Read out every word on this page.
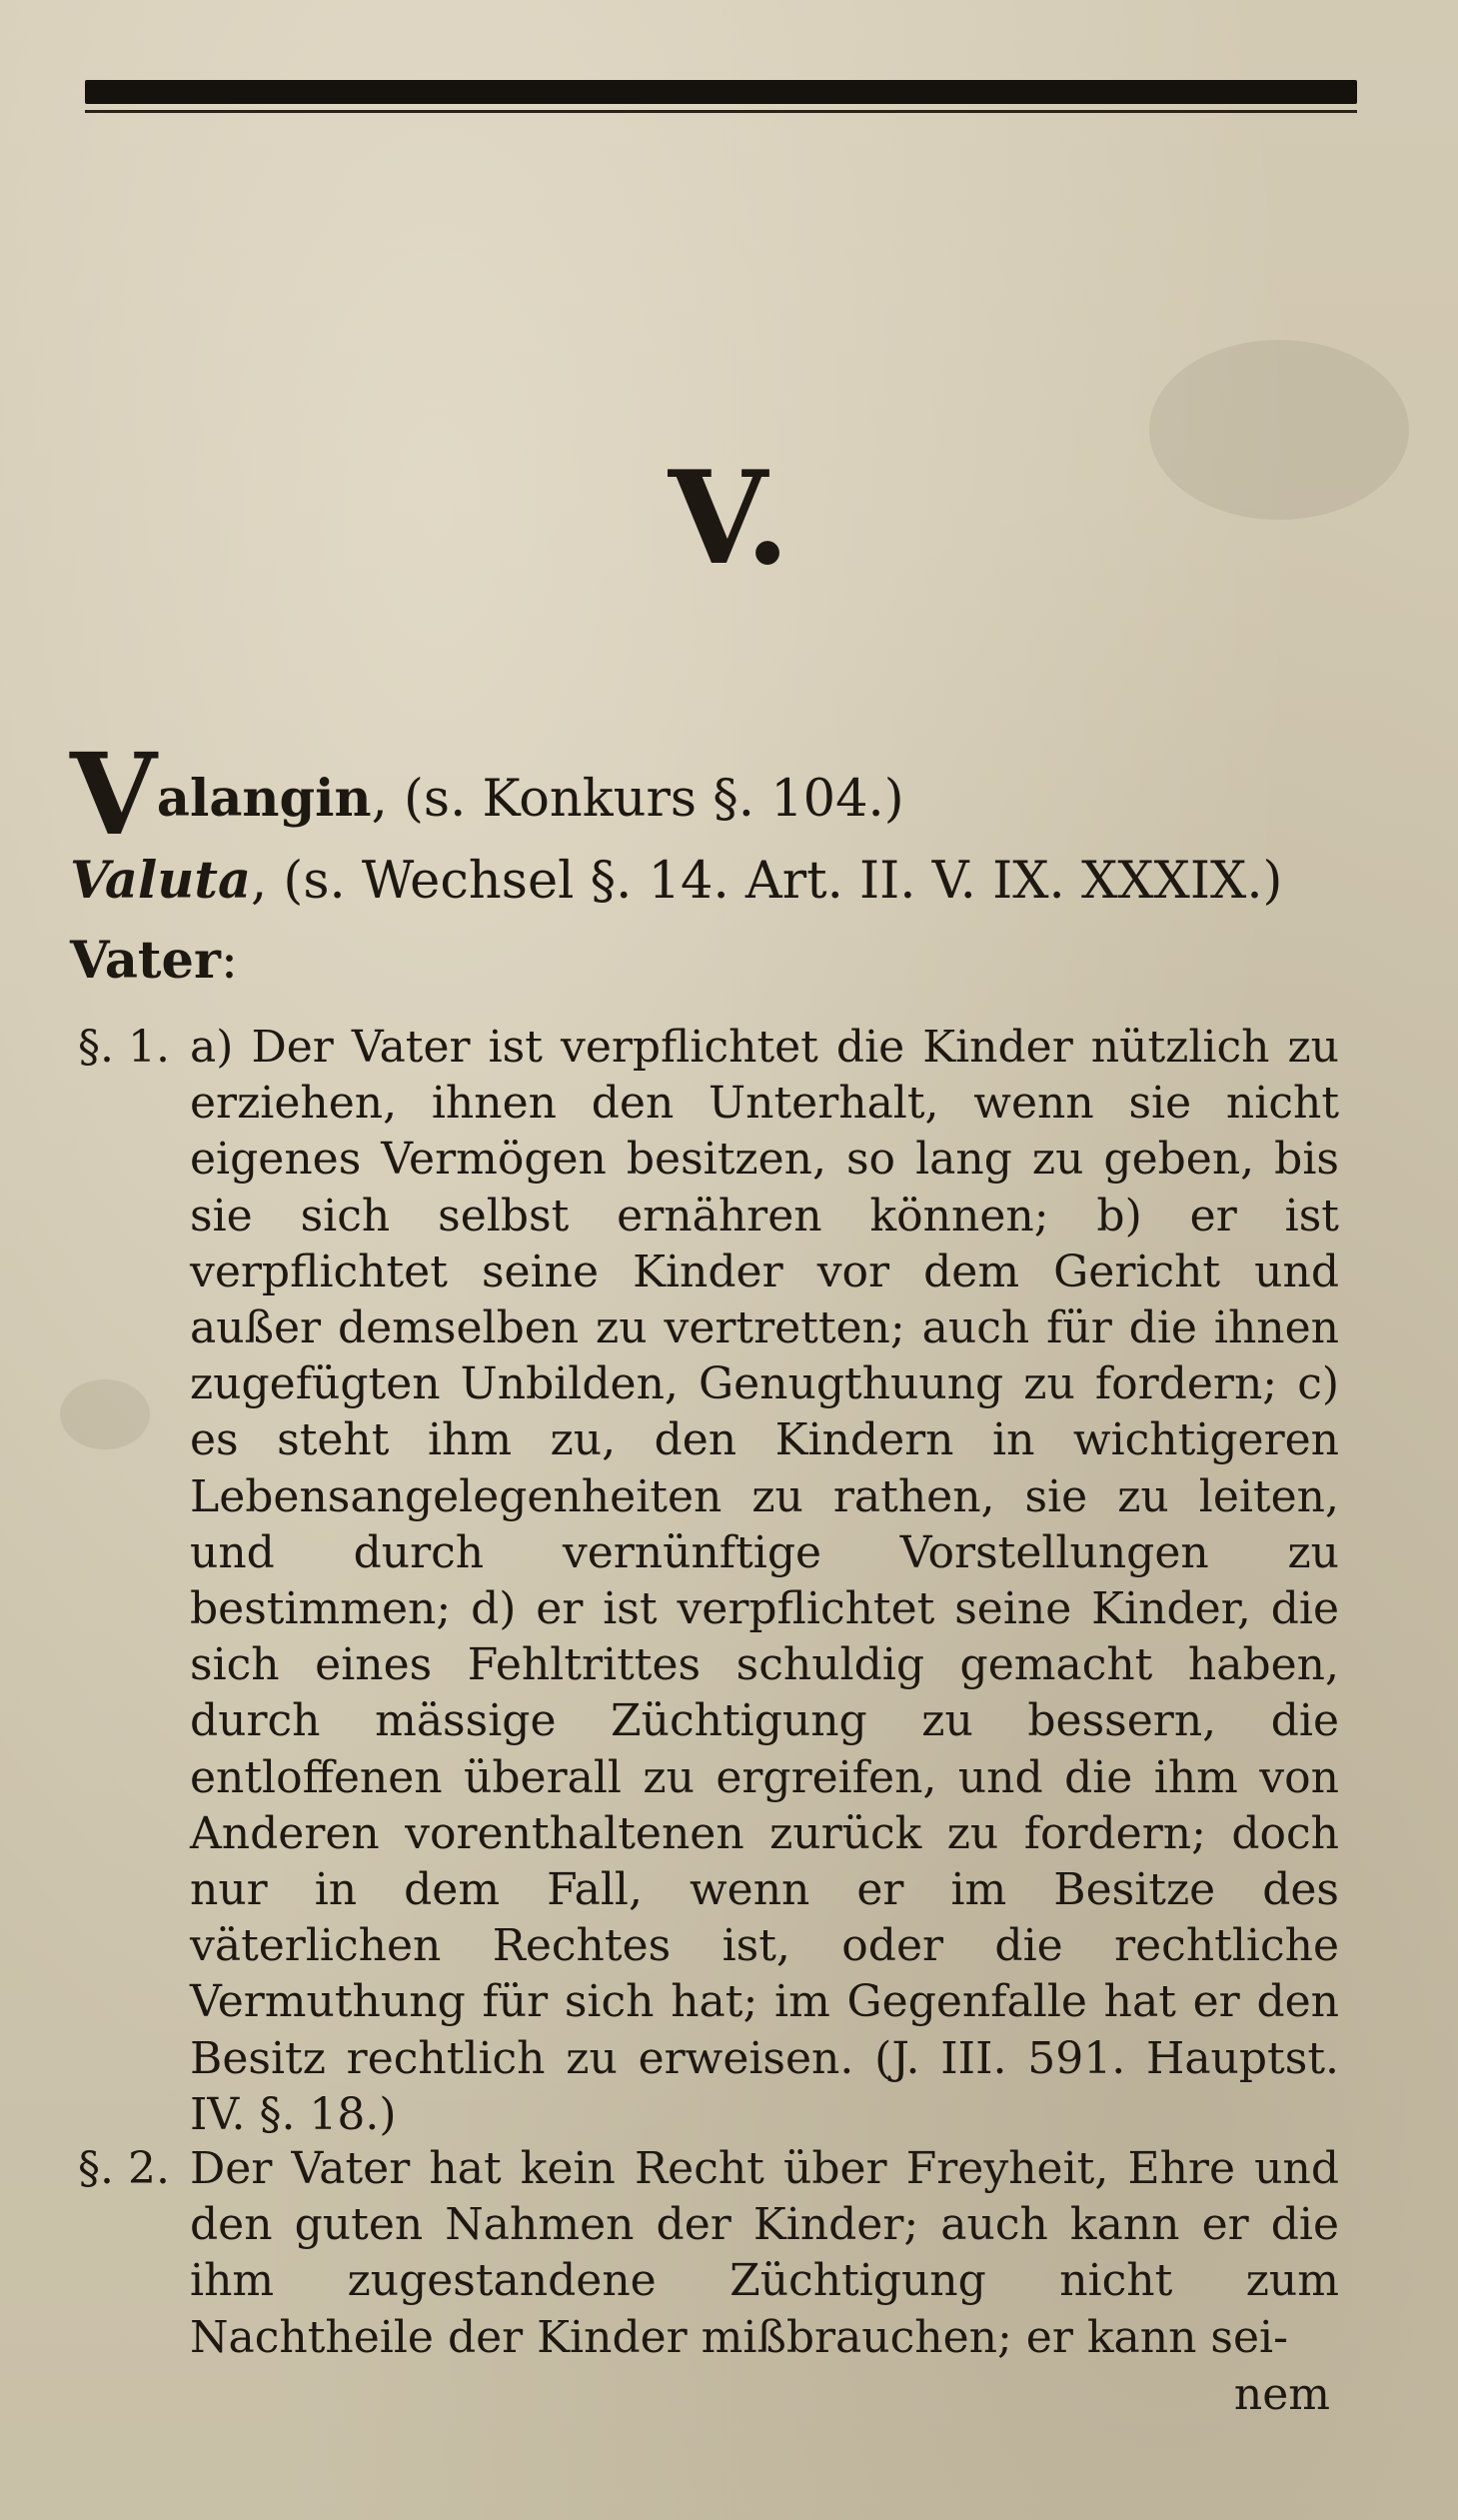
V.
Valangin, (s. Konkurs §. 104.)
Valuta, (s. Wechsel §. 14. Art. II. V. IX. XXXIX.)
Vater:
§. 1. a) Der Vater ist verpflichtet die Kinder nützlich zu erziehen, ihnen den Unterhalt, wenn sie nicht eigenes Vermögen besitzen, so lang zu geben, bis sie sich selbst ernähren können; b) er ist verpflichtet seine Kinder vor dem Gericht und außer demselben zu vertretten; auch für die ihnen zugefügten Unbilden, Genugthuung zu fordern; c) es steht ihm zu, den Kindern in wichtigeren Lebensangelegenheiten zu rathen, sie zu leiten, und durch vernünftige Vorstellungen zu bestimmen; d) er ist verpflichtet seine Kinder, die sich eines Fehltrittes schuldig gemacht haben, durch mässige Züchtigung zu bessern, die entloffenen überall zu ergreifen, und die ihm von Anderen vorenthaltenen zurück zu fordern; doch nur in dem Fall, wenn er im Besitze des väterlichen Rechtes ist, oder die rechtliche Vermuthung für sich hat; im Gegenfalle hat er den Besitz rechtlich zu erweisen. (J. III. 591. Hauptst. IV. §. 18.)
§. 2. Der Vater hat kein Recht über Freyheit, Ehre und den guten Nahmen der Kinder; auch kann er die ihm zugestandene Züchtigung nicht zum Nachtheile der Kinder mißbrauchen; er kann sei-
nem
